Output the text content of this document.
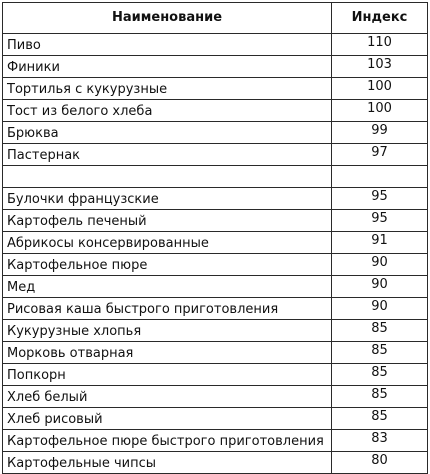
Наименование	Индекс
Пиво	110
Финики	103
Тортилья с кукурузные	100
Тост из белого хлеба	100
Брюква	99
Пастернак	97

Булочки французские	95
Картофель печеный	95
Абрикосы консервированные	91
Картофельное пюре	90
Мед	90
Рисовая каша быстрого приготовления	90
Кукурузные хлопья	85
Морковь отварная	85
Попкорн	85
Хлеб белый	85
Хлеб рисовый	85
Картофельное пюре быстрого приготовления	83
Картофельные чипсы	80
